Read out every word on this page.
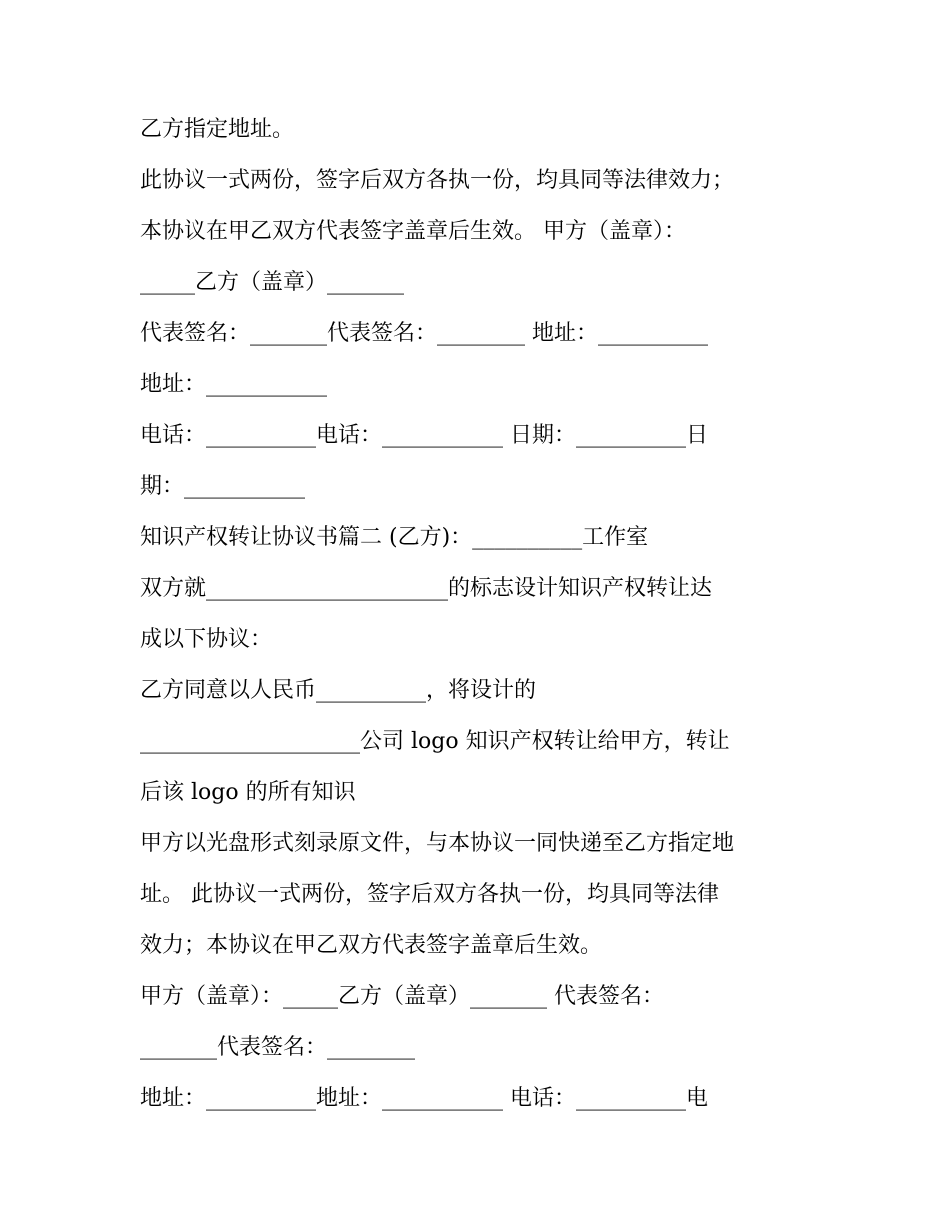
乙方指定地址。
此协议一式两份，签字后双方各执一份，均具同等法律效力；
本协议在甲乙双方代表签字盖章后生效。 甲方（盖章）：
_____乙方（盖章）_______
代表签名：_______代表签名：________ 地址：__________
地址：___________
电话：__________电话：___________ 日期：__________日
期：___________
知识产权转让协议书篇二 (乙方)：__________工作室
双方就______________________的标志设计知识产权转让达
成以下协议：
乙方同意以人民币__________，将设计的
____________________公司 logo 知识产权转让给甲方，转让
后该 logo 的所有知识
甲方以光盘形式刻录原文件，与本协议一同快递至乙方指定地
址。 此协议一式两份，签字后双方各执一份，均具同等法律
效力；本协议在甲乙双方代表签字盖章后生效。
甲方（盖章）：_____乙方（盖章）_______ 代表签名：
_______代表签名：________
地址：__________地址：___________ 电话：__________电
